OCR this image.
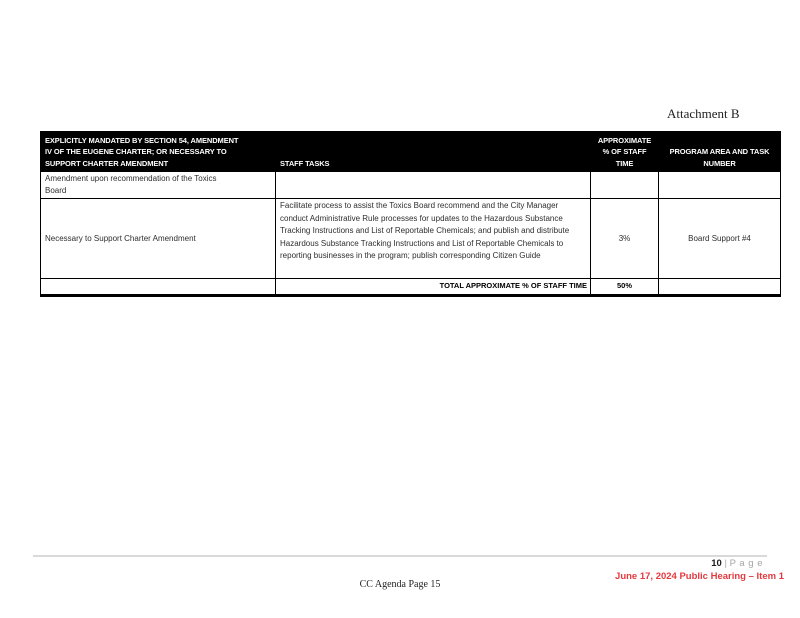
Attachment B
EXPLICITLY MANDATED BY SECTION 54, AMENDMENT IV OF THE EUGENE CHARTER; OR NECESSARY TO SUPPORT CHARTER AMENDMENT	STAFF TASKS	APPROXIMATE % OF STAFF TIME	PROGRAM AREA AND TASK NUMBER

Amendment upon recommendation of the Toxics Board			

Necessary to Support Charter Amendment	Facilitate process to assist the Toxics Board recommend and the City Manager conduct Administrative Rule processes for updates to the Hazardous Substance Tracking Instructions and List of Reportable Chemicals; and publish and distribute Hazardous Substance Tracking Instructions and List of Reportable Chemicals to reporting businesses in the program; publish corresponding Citizen Guide	3%	Board Support #4
	TOTAL APPROXIMATE % OF STAFF TIME	50%	
10 | P a g e
June 17, 2024 Public Hearing – Item 1
CC Agenda Page 15
